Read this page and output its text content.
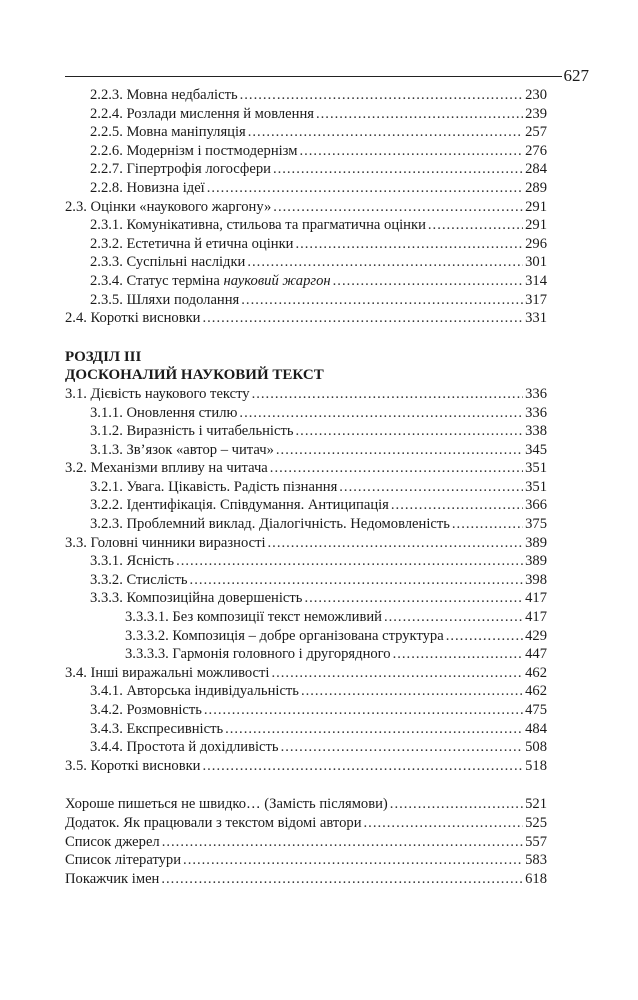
627
2.2.3. Мовна недбалість .....	230
2.2.4. Розлади мислення й мовлення .....	239
2.2.5. Мовна маніпуляція .....	257
2.2.6. Модернізм і постмодернізм .....	276
2.2.7. Гіпертрофія логосфери .....	284
2.2.8. Новизна ідеї .....	289
2.3. Оцінки «наукового жаргону» .....	291
2.3.1. Комунікативна, стильова та прагматична оцінки .....	291
2.3.2. Естетична й етична оцінки .....	296
2.3.3. Суспільні наслідки .....	301
2.3.4. Статус терміна науковий жаргон .....	314
2.3.5. Шляхи подолання .....	317
2.4. Короткі висновки .....	331
РОЗДІЛ III
ДОСКОНАЛИЙ НАУКОВИЙ ТЕКСТ
3.1. Дієвість наукового тексту .....	336
3.1.1. Оновлення стилю .....	336
3.1.2. Виразність і читабельність .....	338
3.1.3. Зв’язок «автор – читач» .....	345
3.2. Механізми впливу на читача .....	351
3.2.1. Увага. Цікавість. Радість пізнання .....	351
3.2.2. Ідентифікація. Співдумання. Антиципація .....	366
3.2.3. Проблемний виклад. Діалогічність. Недомовленість .....	375
3.3. Головні чинники виразності .....	389
3.3.1. Ясність .....	389
3.3.2. Стислість .....	398
3.3.3. Композиційна довершеність .....	417
3.3.3.1. Без композиції текст неможливий .....	417
3.3.3.2. Композиція – добре організована структура .....	429
3.3.3.3. Гармонія головного і другорядного .....	447
3.4. Інші виражальні можливості .....	462
3.4.1. Авторська індивідуальність .....	462
3.4.2. Розмовність .....	475
3.4.3. Експресивність .....	484
3.4.4. Простота й дохідливість .....	508
3.5. Короткі висновки .....	518
Хороше пишеться не швидко… (Замість післямови) .....	521
Додаток. Як працювали з текстом відомі автори .....	525
Список джерел .....	557
Список літератури .....	583
Покажчик імен .....	618
